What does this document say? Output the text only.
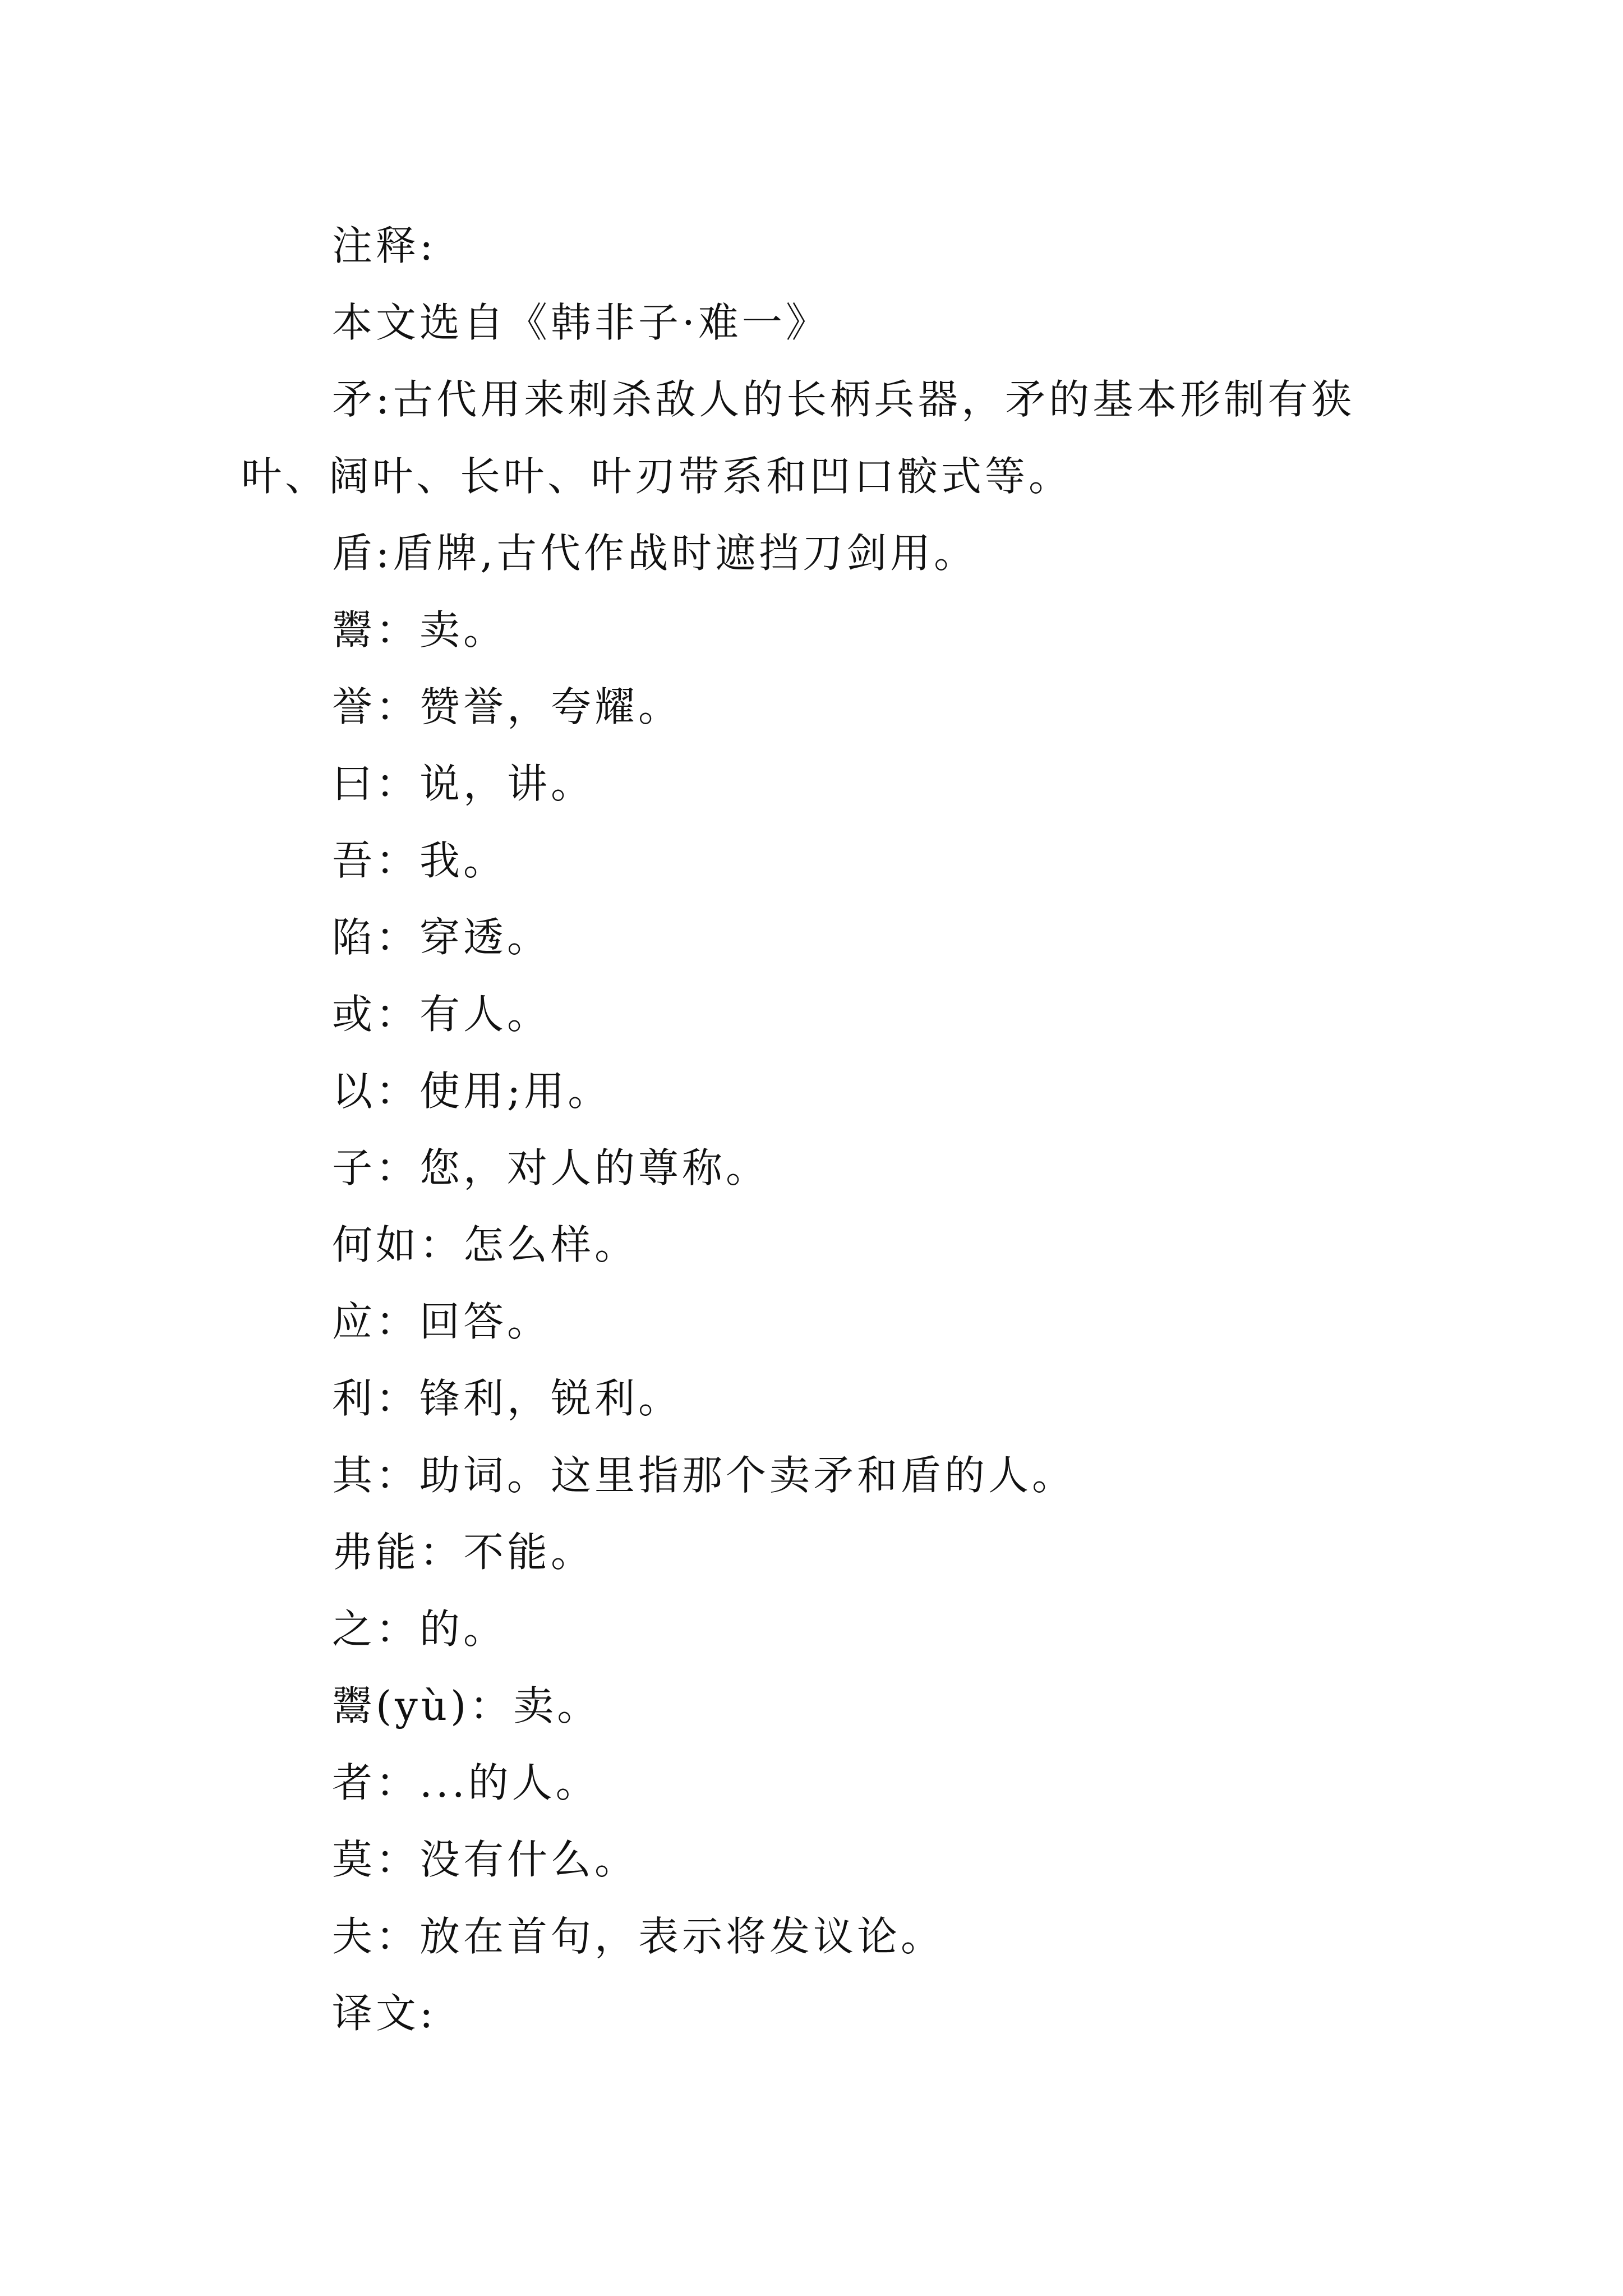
注释:
本文选自《韩非子·难一》
矛:古代用来刺杀敌人的长柄兵器，矛的基本形制有狭
叶、阔叶、长叶、叶刃带系和凹口骹式等。
盾:盾牌,古代作战时遮挡刀剑用。
鬻：卖。
誉：赞誉，夸耀。
曰：说，讲。
吾：我。
陷：穿透。
或：有人。
以：使用;用。
子：您，对人的尊称。
何如：怎么样。
应：回答。
利：锋利，锐利。
其：助词。这里指那个卖矛和盾的人。
弗能：不能。
之：的。
鬻(yù)：卖。
者：...的人。
莫：没有什么。
夫：放在首句，表示将发议论。
译文:
